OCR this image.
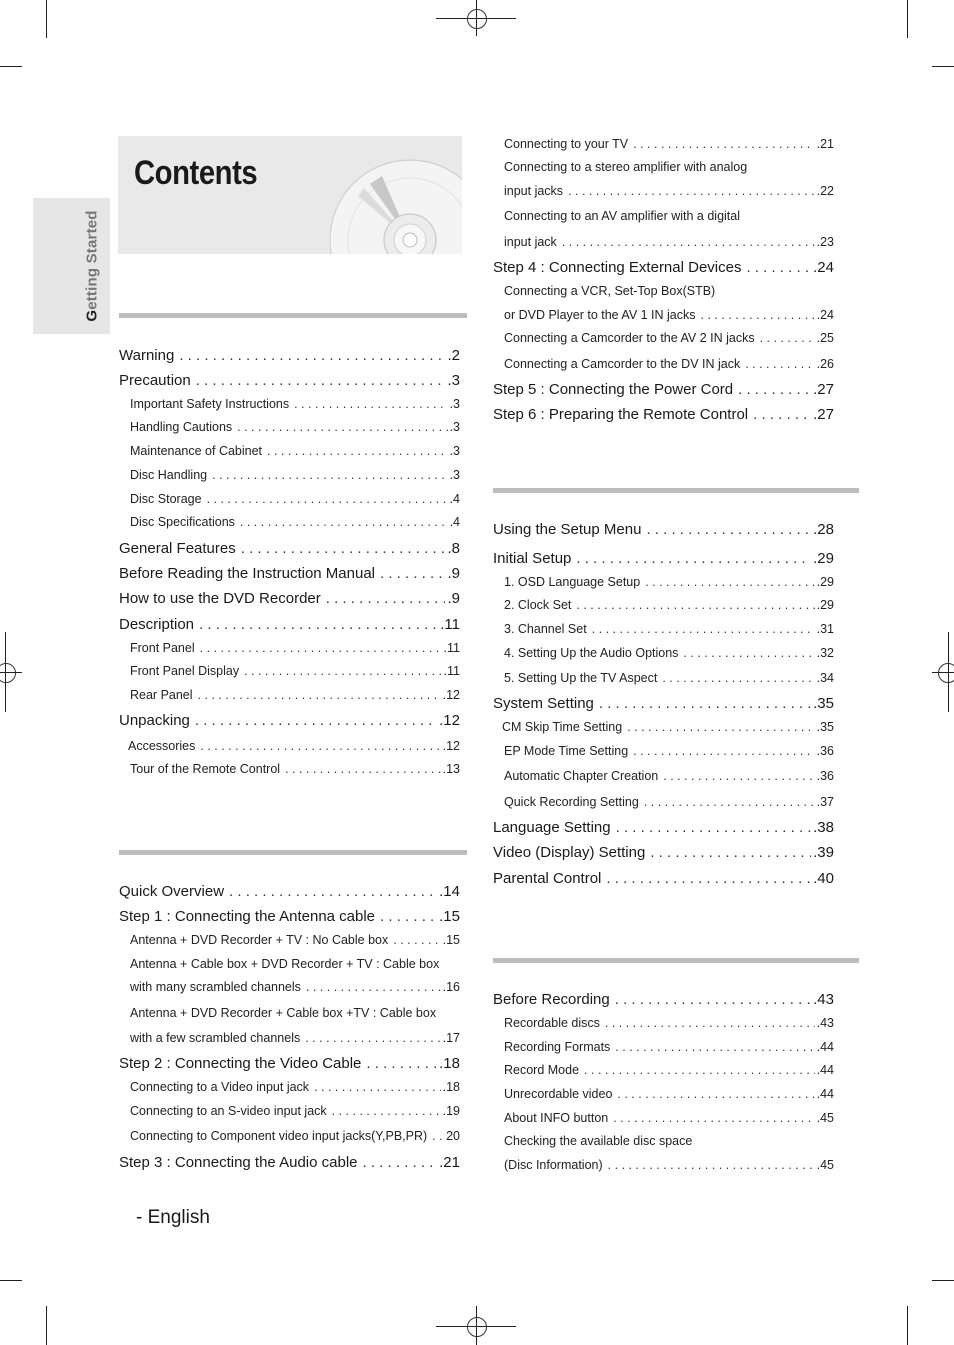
Getting Started
Contents
Warning . . .	.2
Precaution . . .	.3
Important Safety Instructions . . .	.3
Handling Cautions . . .	.3
Maintenance of Cabinet . . .	.3
Disc Handling . . .	.3
Disc Storage . . .	.4
Disc Specifications . . .	.4
General Features . . .	.8
Before Reading the Instruction Manual . . .	.9
How to use the DVD Recorder . . .	.9
Description . . .	.11
Front Panel . . .	.11
Front Panel Display . . .	.11
Rear Panel . . .	.12
Unpacking . . .	.12
Accessories . . .	.12
Tour of the Remote Control . . .	.13
Quick Overview . . .	.14
Step 1 : Connecting the Antenna cable . . .	.15
Antenna + DVD Recorder + TV : No Cable box . . .	.15
Antenna + Cable box + DVD Recorder + TV : Cable box
with many scrambled channels . . .	.16
Antenna + DVD Recorder + Cable box +TV : Cable box
with a few scrambled channels . . .	.17
Step 2 : Connecting the Video Cable . . .	.18
Connecting to a Video input jack . . .	.18
Connecting to an S-video input jack . . .	.19
Connecting to Component video input jacks(Y,PB,PR) . . . 20
Step 3 : Connecting the Audio cable . . .	.21
Connecting to your TV . . .	.21
Connecting to a stereo amplifier with analog
input jacks . . .	.22
Connecting to an AV amplifier with a digital
input jack . . .	.23
Step 4 : Connecting External Devices . . .	.24
Connecting a VCR, Set-Top Box(STB)
or DVD Player to the AV 1 IN jacks . . .	.24
Connecting a Camcorder to the AV 2 IN jacks . . .	.25
Connecting a Camcorder to the DV IN jack . . .	.26
Step 5 : Connecting the Power Cord . . .	.27
Step 6 : Preparing the Remote Control . . .	.27
Using the Setup Menu . . .	.28
Initial Setup . . .	.29
1. OSD Language Setup . . .	.29
2. Clock Set . . .	.29
3. Channel Set . . .	.31
4. Setting Up the Audio Options . . .	.32
5. Setting Up the TV Aspect . . .	.34
System Setting . . .	.35
CM Skip Time Setting . . .	.35
EP Mode Time Setting . . .	.36
Automatic Chapter Creation . . .	.36
Quick Recording Setting . . .	.37
Language Setting . . .	.38
Video (Display) Setting . . .	.39
Parental Control . . .	.40
Before Recording . . .	.43
Recordable discs . . .	.43
Recording Formats . . .	.44
Record Mode . . .	.44
Unrecordable video . . .	.44
About INFO button . . .	.45
Checking the available disc space
(Disc Information) . . .	.45
- English
